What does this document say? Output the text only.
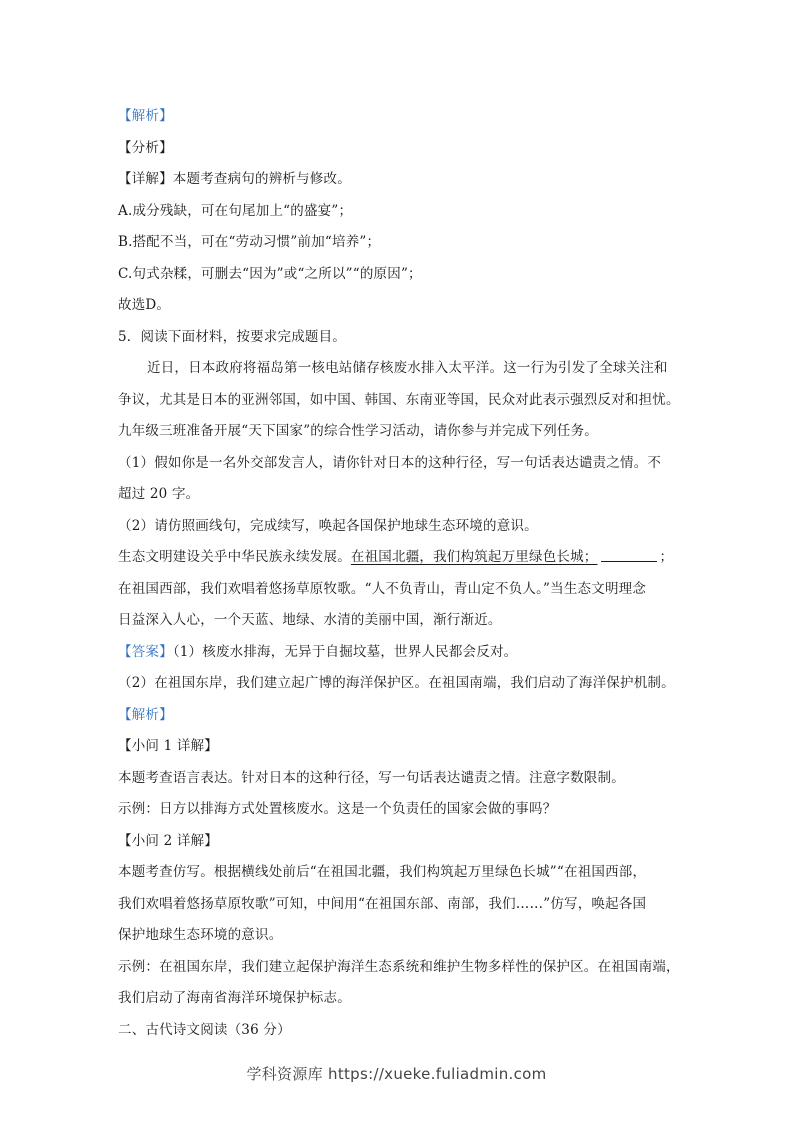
【解析】
【分析】
【详解】本题考查病句的辨析与修改。
A.成分残缺，可在句尾加上“的盛宴”；
B.搭配不当，可在“劳动习惯”前加“培养”；
C.句式杂糅，可删去“因为”或“之所以”“的原因”；
故选D。
5．阅读下面材料，按要求完成题目。
近日，日本政府将福岛第一核电站储存核废水排入太平洋。这一行为引发了全球关注和
争议，尤其是日本的亚洲邻国，如中国、韩国、东南亚等国，民众对此表示强烈反对和担忧。
九年级三班准备开展“天下国家”的综合性学习活动，请你参与并完成下列任务。
（1）假如你是一名外交部发言人，请你针对日本的这种行径，写一句话表达谴责之情。不
超过 20 字。
（2）请仿照画线句，完成续写，唤起各国保护地球生态环境的意识。
生态文明建设关乎中华民族永续发展。在祖国北疆，我们构筑起万里绿色长城；	；
在祖国西部，我们欢唱着悠扬草原牧歌。“人不负青山，青山定不负人。”当生态文明理念
日益深入人心，一个天蓝、地绿、水清的美丽中国，渐行渐近。
【答案】（1）核废水排海，无异于自掘坟墓，世界人民都会反对。
（2）在祖国东岸，我们建立起广博的海洋保护区。在祖国南端，我们启动了海洋保护机制。
【解析】
【小问 1 详解】
本题考查语言表达。针对日本的这种行径，写一句话表达谴责之情。注意字数限制。
示例：日方以排海方式处置核废水。这是一个负责任的国家会做的事吗？
【小问 2 详解】
本题考查仿写。根据横线处前后“在祖国北疆，我们构筑起万里绿色长城”“在祖国西部，
我们欢唱着悠扬草原牧歌”可知，中间用“在祖国东部、南部，我们……”仿写，唤起各国
保护地球生态环境的意识。
示例：在祖国东岸，我们建立起保护海洋生态系统和维护生物多样性的保护区。在祖国南端，
我们启动了海南省海洋环境保护标志。
二、古代诗文阅读（36 分）
学科资源库 https://xueke.fuliadmin.com
